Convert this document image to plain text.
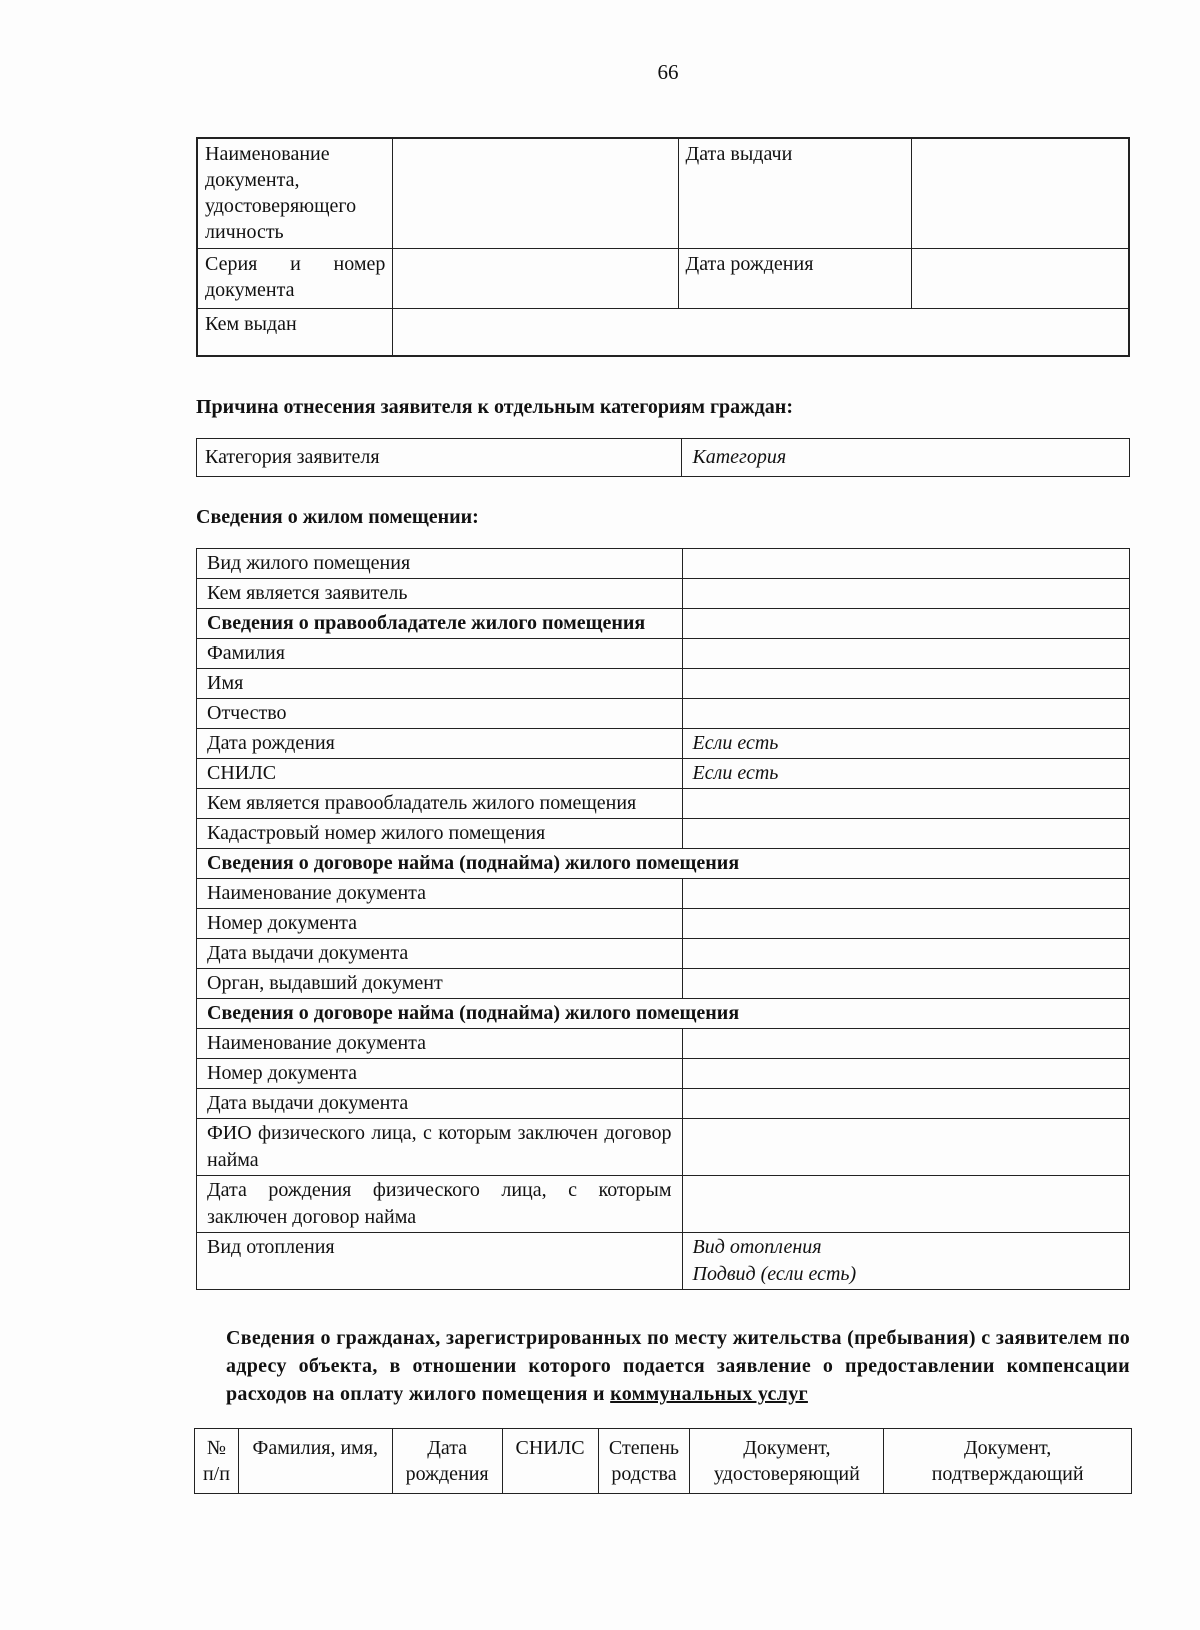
66
Наименование документа, удостоверяющего личность		Дата выдачи	
Серия и номер документа		Дата рождения	
Кем выдан			
Причина отнесения заявителя к отдельным категориям граждан:
Категория заявителя	Категория
Сведения о жилом помещении:
Вид жилого помещения	
Кем является заявитель	
Сведения о правообладателе жилого помещения	
Фамилия	
Имя	
Отчество	
Дата рождения	Если есть

СНИЛС	Если есть

Кем является правообладатель жилого помещения	
Кадастровый номер жилого помещения	
Сведения о договоре найма (поднайма) жилого помещения	
Наименование документа	
Номер документа	
Дата выдачи документа	
Орган, выдавший документ	
Сведения о договоре найма (поднайма) жилого помещения	
Наименование документа	
Номер документа	
Дата выдачи документа	
ФИО физического лица, с которым заключен договор найма	
Дата рождения физического лица, с которым заключен договор найма	
Вид отопления	Вид отопления
Подвид (если есть)
Сведения о гражданах, зарегистрированных по месту жительства (пребывания) с заявителем по адресу объекта, в отношении которого подается заявление о предоставлении компенсации расходов на оплату жилого помещения и коммунальных услуг
№ п/п	Фамилия, имя,	Дата рождения	СНИЛС	Степень родства	Документ, удостоверяющий	Документ, подтверждающий
